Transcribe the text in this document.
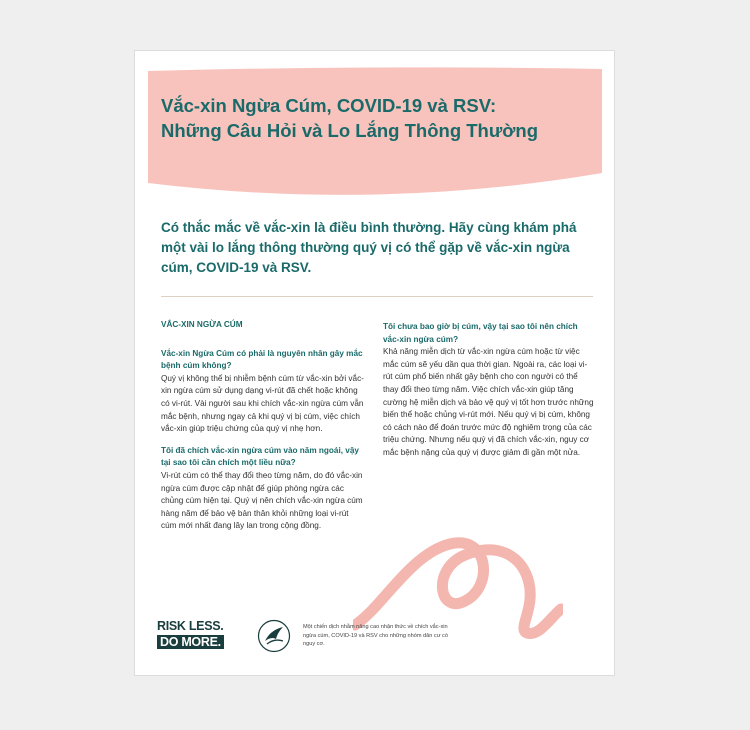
Vắc-xin Ngừa Cúm, COVID-19 và RSV:
Những Câu Hỏi và Lo Lắng Thông Thường

Có thắc mắc về vắc-xin là điều bình thường. Hãy cùng khám phá một vài lo lắng thông thường quý vị có thể gặp về vắc-xin ngừa cúm, COVID-19 và RSV.

VẮC-XIN NGỪA CÚM

Vắc-xin Ngừa Cúm có phải là nguyên nhân gây mắc bệnh cúm không?

Quý vị không thể bị nhiễm bệnh cúm từ vắc-xin bởi vắc-xin ngừa cúm sử dụng dạng vi-rút đã chết hoặc không có vi-rút. Vài người sau khi chích vắc-xin ngừa cúm vẫn mắc bệnh, nhưng ngay cả khi quý vị bị cúm, việc chích vắc-xin giúp triệu chứng của quý vị nhẹ hơn.

Tôi đã chích vắc-xin ngừa cúm vào năm ngoái, vậy tại sao tôi cần chích một liều nữa?

Vi-rút cúm có thể thay đổi theo từng năm, do đó vắc-xin ngừa cúm được cập nhật để giúp phòng ngừa các chủng cúm hiện tại. Quý vị nên chích vắc-xin ngừa cúm hàng năm để bảo vệ bản thân khỏi những loại vi-rút cúm mới nhất đang lây lan trong cộng đồng.

Tôi chưa bao giờ bị cúm, vậy tại sao tôi nên chích vắc-xin ngừa cúm?

Khả năng miễn dịch từ vắc-xin ngừa cúm hoặc từ việc mắc cúm sẽ yếu dần qua thời gian. Ngoài ra, các loại vi-rút cúm phổ biến nhất gây bệnh cho con người có thể thay đổi theo từng năm. Việc chích vắc-xin giúp tăng cường hệ miễn dịch và bảo vệ quý vị tốt hơn trước những biến thể hoặc chủng vi-rút mới. Nếu quý vị bị cúm, không có cách nào để đoán trước mức độ nghiêm trọng của các triệu chứng. Nhưng nếu quý vị đã chích vắc-xin, nguy cơ mắc bệnh nặng của quý vị được giảm đi gần một nửa.

RISK LESS.
DO MORE.

Một chiến dịch nhằm nâng cao nhận thức về chích vắc-xin ngừa cúm, COVID-19 và RSV cho những nhóm dân cư có nguy cơ.
